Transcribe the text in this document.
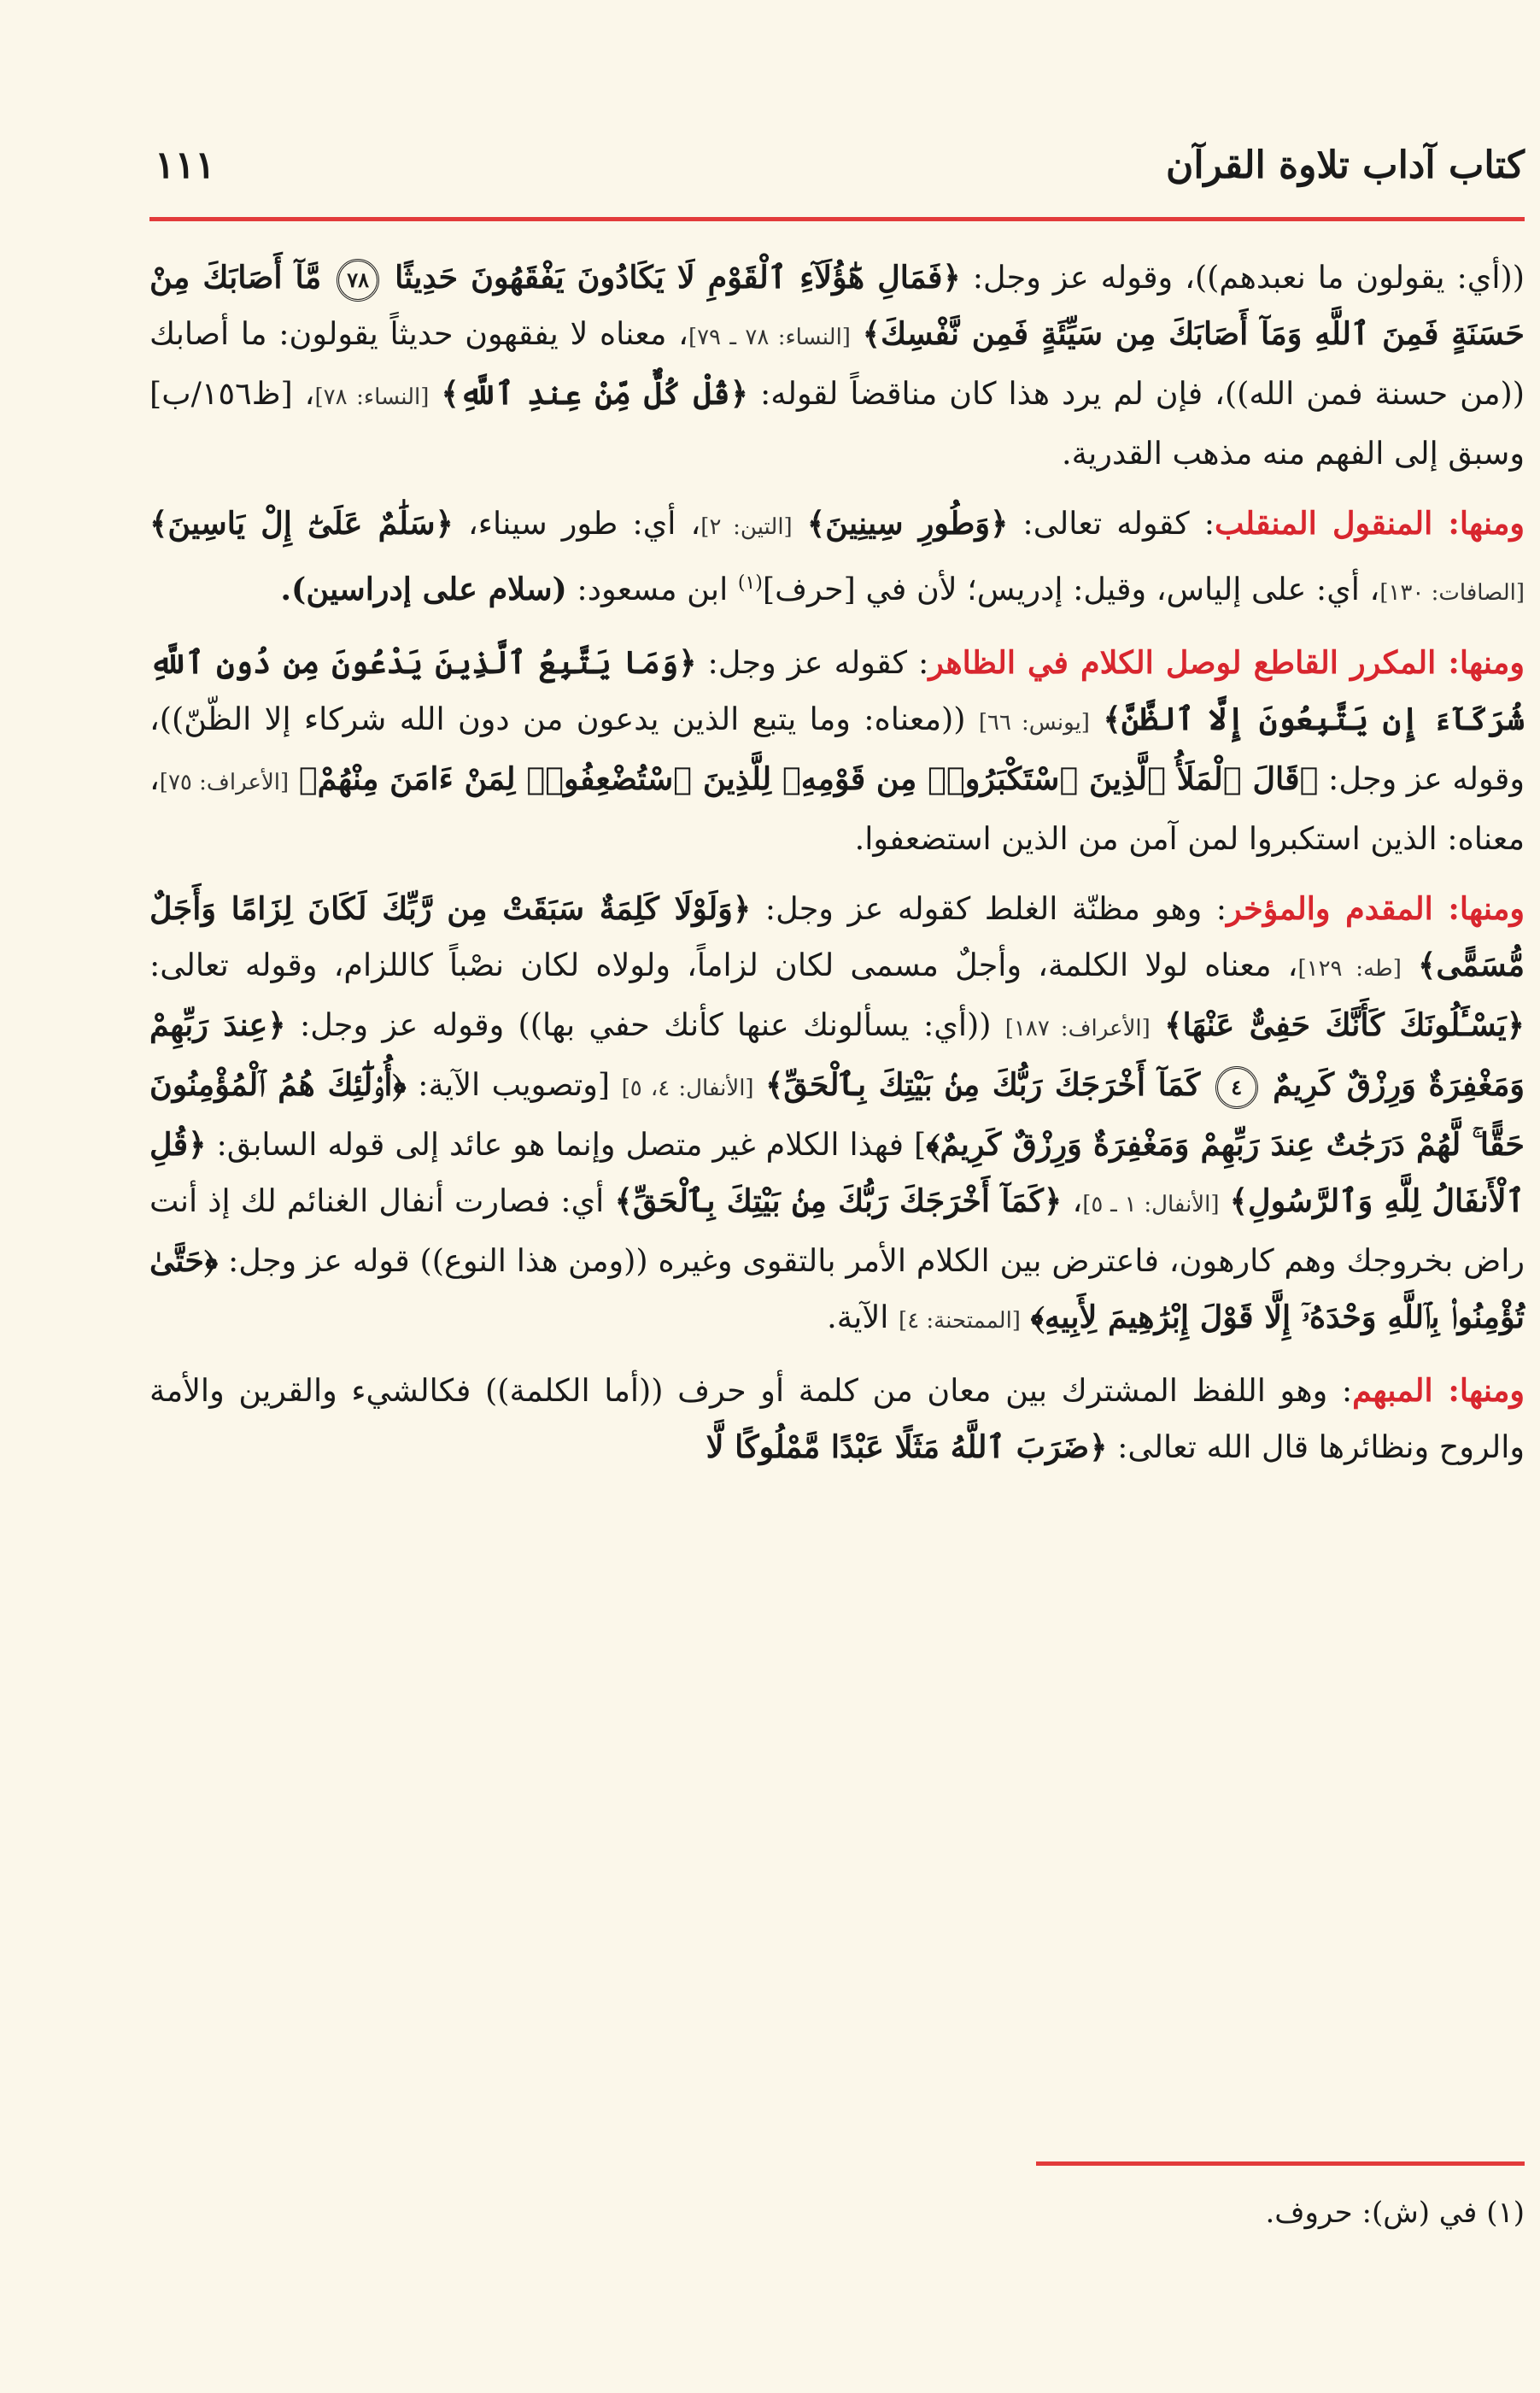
كتاب آداب تلاوة القرآن
١١١

((أي: يقولون ما نعبدهم))، وقوله عز وجل: ﴿فَمَالِ هَٰٓؤُلَآءِ ٱلْقَوْمِ لَا يَكَادُونَ يَفْقَهُونَ حَدِيثًا ٧٨ مَّآ أَصَابَكَ مِنْ حَسَنَةٍ فَمِنَ ٱللَّهِ وَمَآ أَصَابَكَ مِن سَيِّئَةٍ فَمِن نَّفْسِكَ﴾ [النساء: ٧٨ ـ ٧٩]، معناه لا يفقهون حديثاً يقولون: ما أصابك ((من حسنة فمن الله))، فإن لم يرد هذا كان مناقضاً لقوله: ﴿قُلْ كُلٌّ مِّنْ عِندِ ٱللَّهِ﴾ [النساء: ٧٨]، [ظ١٥٦/ب] وسبق إلى الفهم منه مذهب القدرية.

ومنها: المنقول المنقلب: كقوله تعالى: ﴿وَطُورِ سِينِينَ﴾ [التين: ٢]، أي: طور سيناء، ﴿سَلَٰمٌ عَلَىٰٓ إِلْ يَاسِينَ﴾ [الصافات: ١٣٠]، أي: على إلياس، وقيل: إدريس؛ لأن في [حرف]$^{(١)}$ ابن مسعود: (سلام على إدراسين).

ومنها: المكرر القاطع لوصل الكلام في الظاهر: كقوله عز وجل: ﴿وَمَا يَتَّبِعُ ٱلَّذِينَ يَدْعُونَ مِن دُونِ ٱللَّهِ شُرَكَآءَ إِن يَتَّبِعُونَ إِلَّا ٱلظَّنَّ﴾ [يونس: ٦٦] ((معناه: وما يتبع الذين يدعون من دون الله شركاء إلا الظّنّ))، وقوله عز وجل: ﴿قَالَ ٱلْمَلَأُ ٱلَّذِينَ ٱسْتَكْبَرُوا۟ مِن قَوْمِهِۦ لِلَّذِينَ ٱسْتُضْعِفُوا۟ لِمَنْ ءَامَنَ مِنْهُمْ﴾ [الأعراف: ٧٥]، معناه: الذين استكبروا لمن آمن من الذين استضعفوا.

ومنها: المقدم والمؤخر: وهو مظنّة الغلط كقوله عز وجل: ﴿وَلَوْلَا كَلِمَةٌ سَبَقَتْ مِن رَّبِّكَ لَكَانَ لِزَامًا وَأَجَلٌ مُّسَمًّى﴾ [طه: ١٢٩]، معناه لولا الكلمة، وأجلٌ مسمى لكان لزاماً، ولولاه لكان نصْباً كاللزام، وقوله تعالى: ﴿يَسْـَٔلُونَكَ كَأَنَّكَ حَفِىٌّ عَنْهَا﴾ [الأعراف: ١٨٧] ((أي: يسألونك عنها كأنك حفي بها)) وقوله عز وجل: ﴿عِندَ رَبِّهِمْ وَمَغْفِرَةٌ وَرِزْقٌ كَرِيمٌ ٤ كَمَآ أَخْرَجَكَ رَبُّكَ مِنۢ بَيْتِكَ بِٱلْحَقِّ﴾ [الأنفال: ٤، ٥] [وتصويب الآية: ﴿أُو۟لَٰٓئِكَ هُمُ ٱلْمُؤْمِنُونَ حَقًّا ۚ لَّهُمْ دَرَجَٰتٌ عِندَ رَبِّهِمْ وَمَغْفِرَةٌ وَرِزْقٌ كَرِيمٌ﴾] فهذا الكلام غير متصل وإنما هو عائد إلى قوله السابق: ﴿قُلِ ٱلْأَنفَالُ لِلَّهِ وَٱلرَّسُولِ﴾ [الأنفال: ١ ـ ٥]، ﴿كَمَآ أَخْرَجَكَ رَبُّكَ مِنۢ بَيْتِكَ بِٱلْحَقِّ﴾ أي: فصارت أنفال الغنائم لك إذ أنت راض بخروجك وهم كارهون، فاعترض بين الكلام الأمر بالتقوى وغيره ((ومن هذا النوع)) قوله عز وجل: ﴿حَتَّىٰ تُؤْمِنُوا۟ بِٱللَّهِ وَحْدَهُۥٓ إِلَّا قَوْلَ إِبْرَٰهِيمَ لِأَبِيهِ﴾ [الممتحنة: ٤] الآية.

ومنها: المبهم: وهو اللفظ المشترك بين معان من كلمة أو حرف ((أما الكلمة)) فكالشيء والقرين والأمة والروح ونظائرها قال الله تعالى: ﴿ضَرَبَ ٱللَّهُ مَثَلًا عَبْدًا مَّمْلُوكًا لَّا

(١) في (ش): حروف.
